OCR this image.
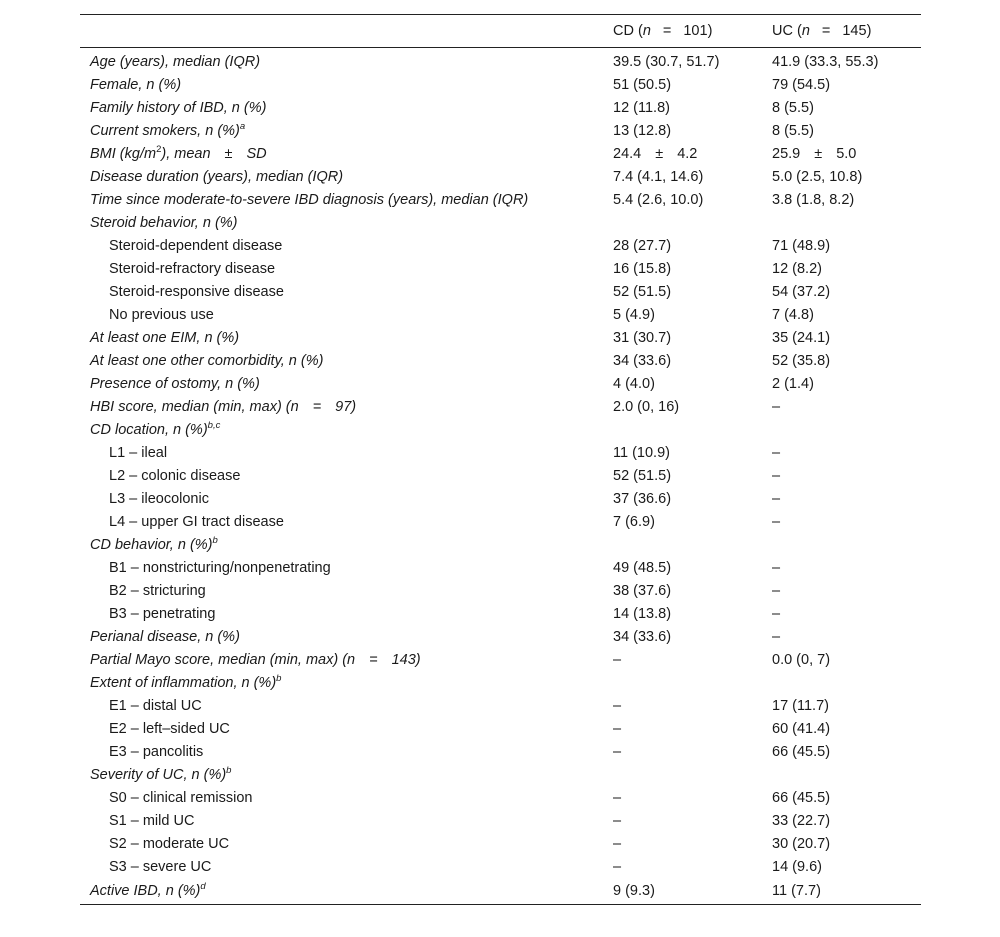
	CD (n = 101)	UC (n = 145)
Age (years), median (IQR)	39.5 (30.7, 51.7)	41.9 (33.3, 55.3)
Female, n (%)	51 (50.5)	79 (54.5)
Family history of IBD, n (%)	12 (11.8)	8 (5.5)
Current smokers, n (%)$^a$	13 (12.8)	8 (5.5)
BMI $(kg/m^2)$, mean ± SD	24.4 ± 4.2	25.9 ± 5.0
Disease duration (years), median (IQR)	7.4 (4.1, 14.6)	5.0 (2.5, 10.8)
Time since moderate-to-severe IBD diagnosis (years), median (IQR)	5.4 (2.6, 10.0)	3.8 (1.8, 8.2)
Steroid behavior, n (%)		
Steroid-dependent disease	28 (27.7)	71 (48.9)
Steroid-refractory disease	16 (15.8)	12 (8.2)
Steroid-responsive disease	52 (51.5)	54 (37.2)
No previous use	5 (4.9)	7 (4.8)
At least one EIM, n (%)	31 (30.7)	35 (24.1)
At least one other comorbidity, n (%)	34 (33.6)	52 (35.8)
Presence of ostomy, n (%)	4 (4.0)	2 (1.4)
HBI score, median (min, max) (n = 97)	2.0 (0, 16)	–
CD location, n (%)$^{b,c}$		
L1 – ileal	11 (10.9)	–
L2 – colonic disease	52 (51.5)	–
L3 – ileocolonic	37 (36.6)	–
L4 – upper GI tract disease	7 (6.9)	–
CD behavior, n (%)$^b$		
B1 – nonstricturing/nonpenetrating	49 (48.5)	–
B2 – stricturing	38 (37.6)	–
B3 – penetrating	14 (13.8)	–
Perianal disease, n (%)	34 (33.6)	–
Partial Mayo score, median (min, max) (n = 143)	–	0.0 (0, 7)
Extent of inflammation, n (%)$^b$		
E1 – distal UC	–	17 (11.7)
E2 – left–sided UC	–	60 (41.4)
E3 – pancolitis	–	66 (45.5)
Severity of UC, n (%)$^b$		
S0 – clinical remission	–	66 (45.5)
S1 – mild UC	–	33 (22.7)
S2 – moderate UC	–	30 (20.7)
S3 – severe UC	–	14 (9.6)
Active IBD, n (%)$^d$	9 (9.3)	11 (7.7)
